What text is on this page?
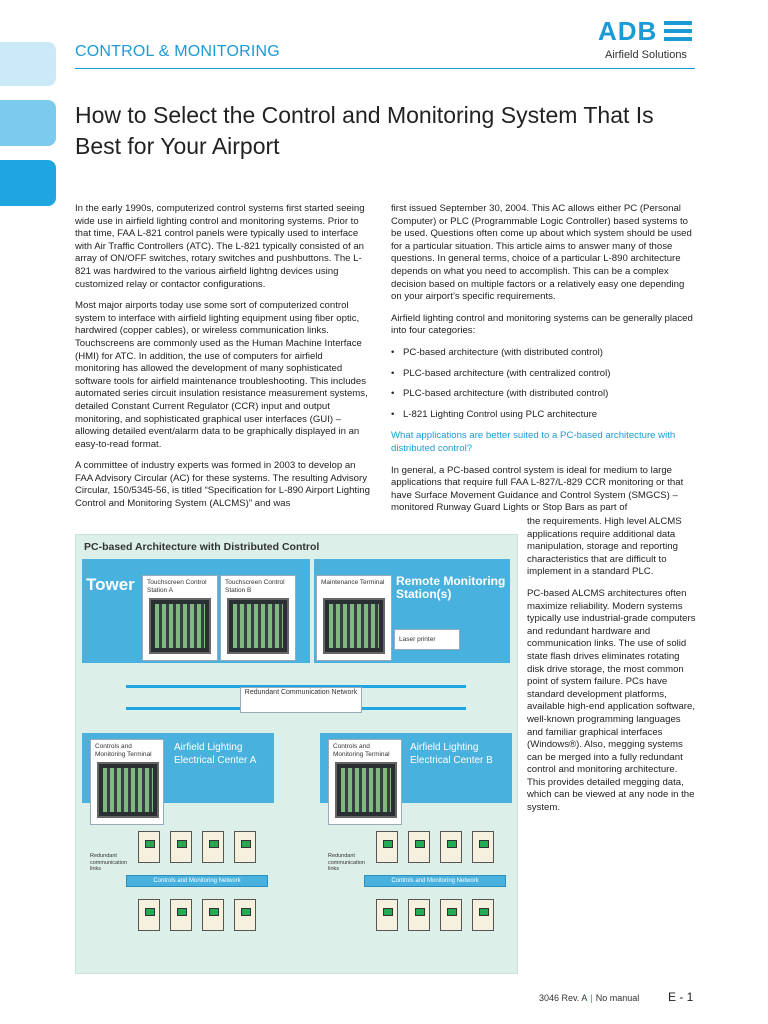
CONTROL & MONITORING
ADB
Airfield Solutions
How to Select the Control and Monitoring System That Is Best for Your Airport

In the early 1990s, computerized control systems first started seeing wide use in airfield lighting control and monitoring systems. Prior to that time, FAA L-821 control panels were typically used to interface with Air Traffic Controllers (ATC). The L-821 typically consisted of an array of ON/OFF switches, rotary switches and pushbuttons. The L-821 was hardwired to the various airfield lightng devices using customized relay or contactor configurations.

Most major airports today use some sort of computerized control system to interface with airfield lighting equipment using fiber optic, hardwired (copper cables), or wireless communication links. Touchscreens are commonly used as the Human Machine Interface (HMI) for ATC. In addition, the use of computers for airfield monitoring has allowed the development of many sophisticated software tools for airfield maintenance troubleshooting. This includes automated series circuit insulation resistance measurement systems, detailed Constant Current Regulator (CCR) input and output monitoring, and sophisticated graphical user interfaces (GUI) –allowing detailed event/alarm data to be graphically displayed in an easy-to-read format.

A committee of industry experts was formed in 2003 to develop an FAA Advisory Circular (AC) for these systems. The resulting Advisory Circular, 150/5345-56, is titled “Specification for L-890 Airport Lighting Control and Monitoring System (ALCMS)” and was

first issued September 30, 2004. This AC allows either PC (Personal Computer) or PLC (Programmable Logic Controller) based systems to be used. Questions often come up about which system should be used for a particular situation. This article aims to answer many of those questions. In general terms, choice of a particular L-890 architecture depends on what you need to accomplish. This can be a complex decision based on multiple factors or a relatively easy one depending on your airport’s specific requirements.

Airfield lighting control and monitoring systems can be generally placed into four categories:

• PC-based architecture (with distributed control)
• PLC-based architecture (with centralized control)
• PLC-based architecture (with distributed control)
• L-821 Lighting Control using PLC architecture

What applications are better suited to a PC-based architecture with distributed control?

In general, a PC-based control system is ideal for medium to large applications that require full FAA L-827/L-829 CCR monitoring or that have Surface Movement Guidance and Control System (SMGCS) –monitored Runway Guard Lights or Stop Bars as part of

the requirements. High level ALCMS applications require additional data manipulation, storage and reporting characteristics that are difficult to implement in a standard PLC.

PC-based ALCMS architectures often maximize reliability. Modern systems typically use industrial-grade computers and redundant hardware and communication links. The use of solid state flash drives eliminates rotating disk drive storage, the most common point of system failure. PCs have standard development platforms, available high-end application software, well-known programming languages and familiar graphical interfaces (Windows®). Also, megging systems can be merged into a fully redundant control and monitoring architecture. This provides detailed megging data, which can be viewed at any node in the system.

PC-based Architecture with Distributed Control
Tower Touchscreen Control Station A
Touchscreen Control Station B
Maintenance Terminal Remote Monitoring Station(s)
Laser printer
Redundant Communication Network
Controls and Monitoring Terminal
Airfield Lighting Electrical Center A
Redundant communication links
Controls and Monitoring Network
Controls and Monitoring Terminal
Airfield Lighting Electrical Center B
Redundant communication links
Controls and Monitoring Network
3046 Rev. A | No manual E - 1
